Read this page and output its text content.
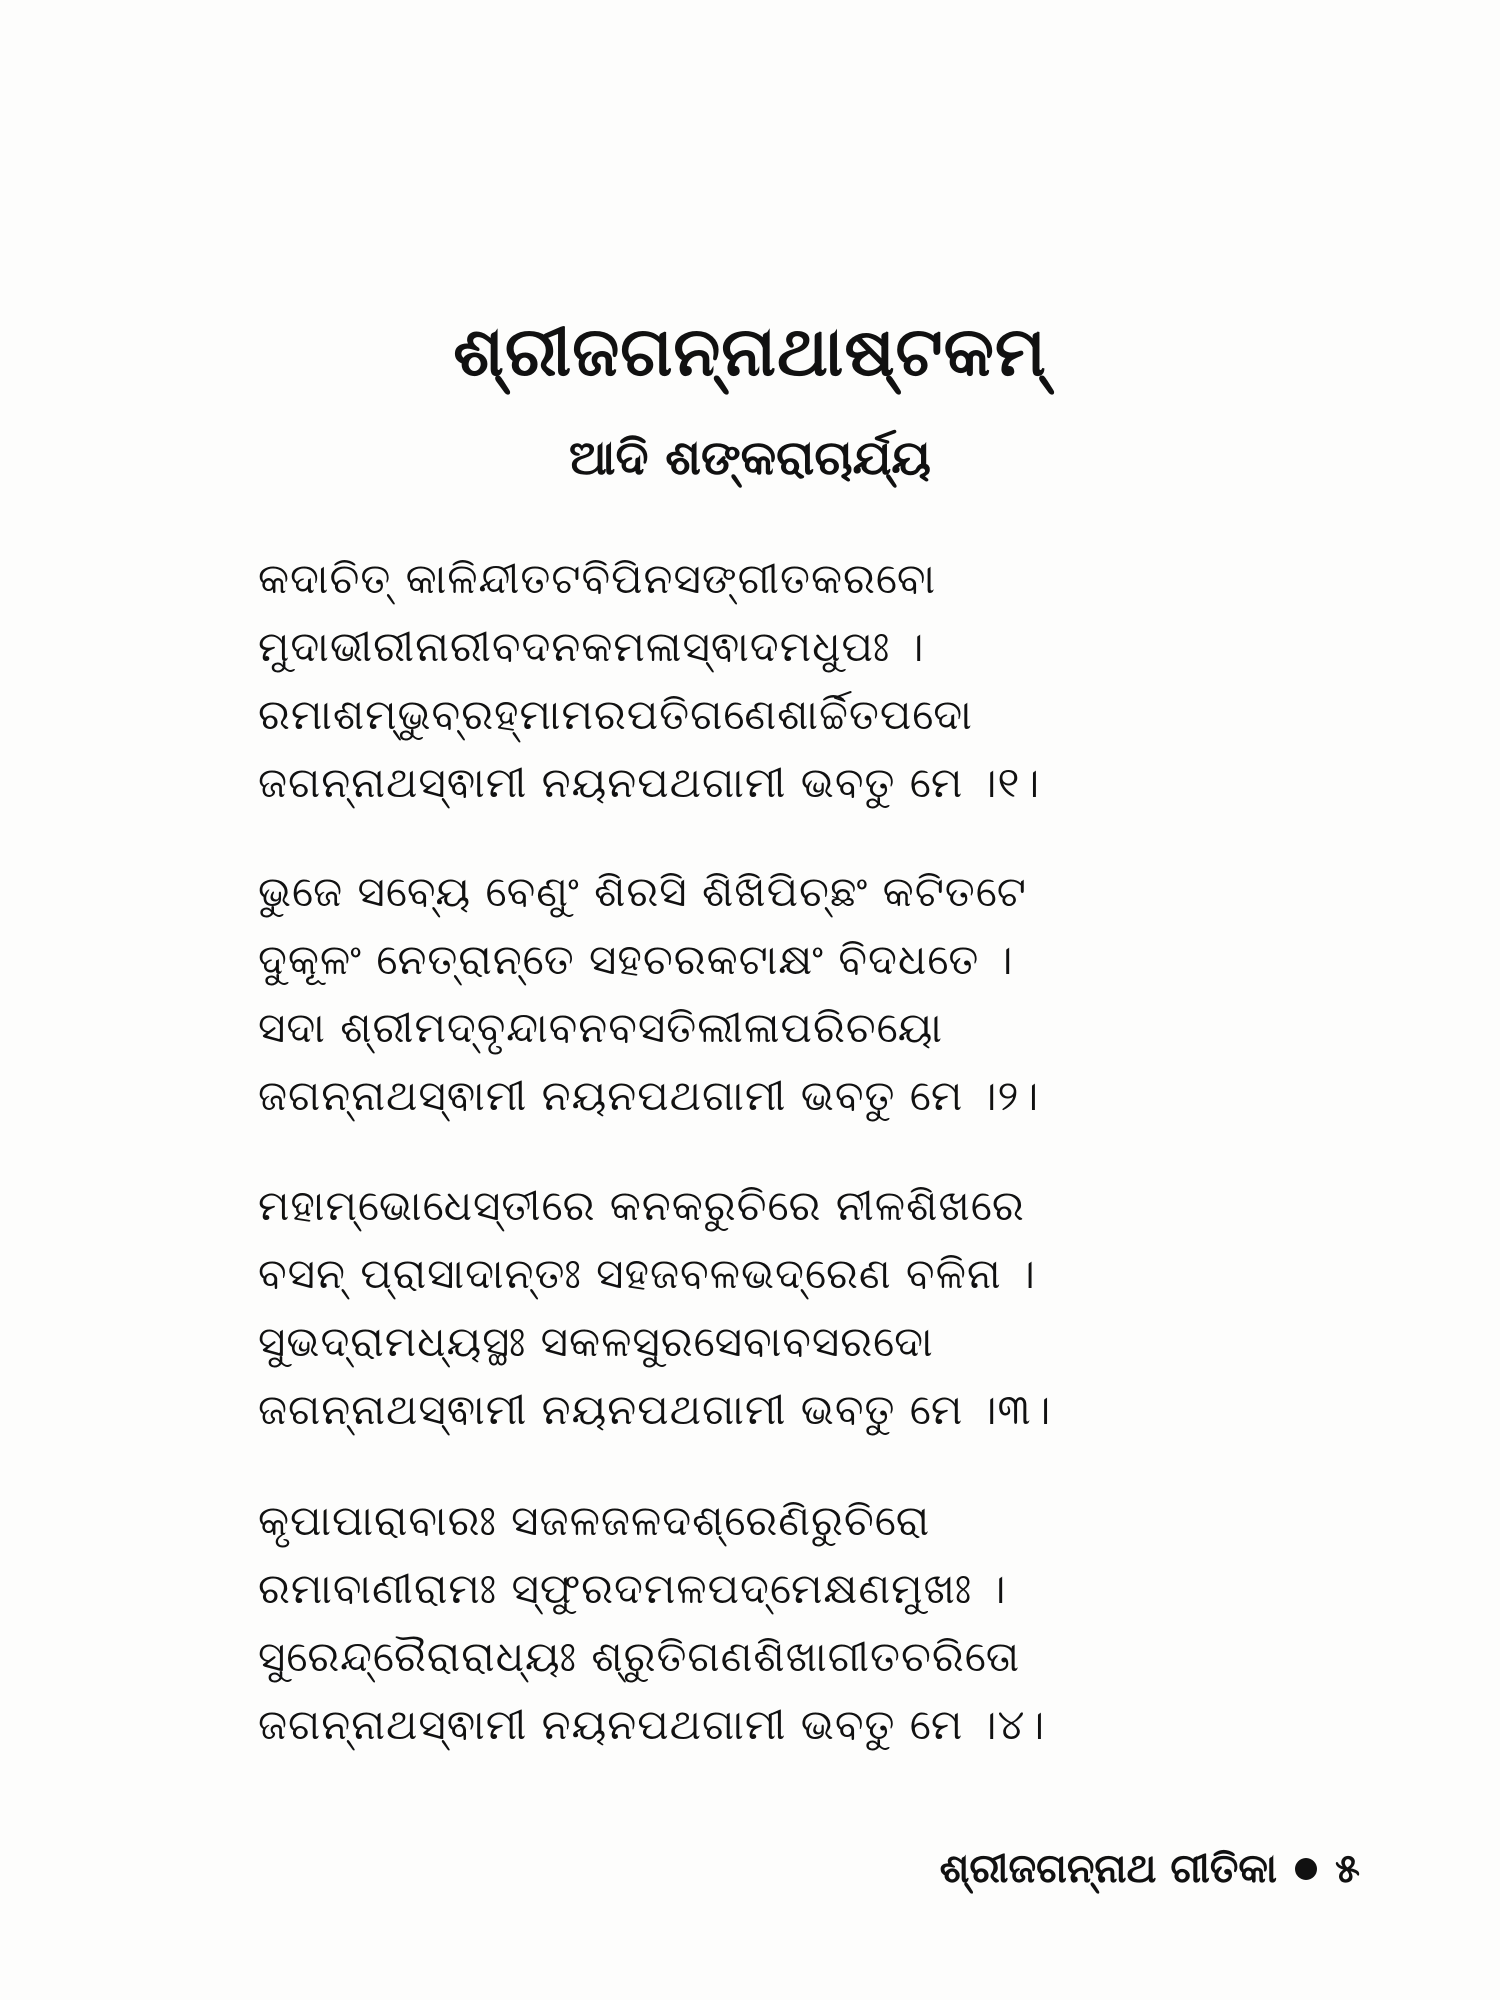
ଶ୍ରୀଜଗନ୍ନାଥାଷ୍ଟକମ୍
ଆଦି ଶଙ୍କରାଚାର୍ଯ୍ୟ
କଦାଚିତ୍ କାଳିନ୍ଦୀତଟବିପିନସଙ୍ଗୀତକରବୋ
ମୁଦାଭୀରୀନାରୀବଦନକମଳାସ୍ଵାଦମଧୁପଃ ।
ରମାଶମ୍ଭୁବ୍ରହ୍ମାମରପତିଗଣେଶାର୍ଚ୍ଚିତପଦୋ
ଜଗନ୍ନାଥସ୍ଵାମୀ ନୟନପଥଗାମୀ ଭବତୁ ମେ ।୧।
ଭୁଜେ ସବ୍ୟେ ବେଣୁଂ ଶିରସି ଶିଖିପିଚ୍ଛଂ କଟିତଟେ
ଦୁକୂଳଂ ନେତ୍ରାନ୍ତେ ସହଚରକଟାକ୍ଷଂ ବିଦଧତେ ।
ସଦା ଶ୍ରୀମଦ୍‌ବୃନ୍ଦାବନବସତିଲୀଳାପରିଚୟୋ
ଜଗନ୍ନାଥସ୍ଵାମୀ ନୟନପଥଗାମୀ ଭବତୁ ମେ ।୨।
ମହାମ୍ଭୋଧେସ୍ତୀରେ କନକରୁଚିରେ ନୀଳଶିଖରେ
ବସନ୍ ପ୍ରାସାଦାନ୍ତଃ ସହଜବଳଭଦ୍ରେଣ ବଳିନା ।
ସୁଭଦ୍ରାମଧ୍ୟସ୍ଥଃ ସକଳସୁରସେବାବସରଦୋ
ଜଗନ୍ନାଥସ୍ଵାମୀ ନୟନପଥଗାମୀ ଭବତୁ ମେ ।୩।
କୃପାପାରାବାରଃ ସଜଳଜଳଦଶ୍ରେଣିରୁଚିରୋ
ରମାବାଣୀରାମଃ ସ୍ଫୁରଦମଳପଦ୍ମେକ୍ଷଣମୁଖଃ ।
ସୁରେନ୍ଦ୍ରୈରାରାଧ୍ୟଃ ଶ୍ରୁତିଗଣଶିଖାଗୀତଚରିତୋ
ଜଗନ୍ନାଥସ୍ଵାମୀ ନୟନପଥଗାମୀ ଭବତୁ ମେ ।୪।
ଶ୍ରୀଜଗନ୍ନାଥ ଗୀତିକା ୫
